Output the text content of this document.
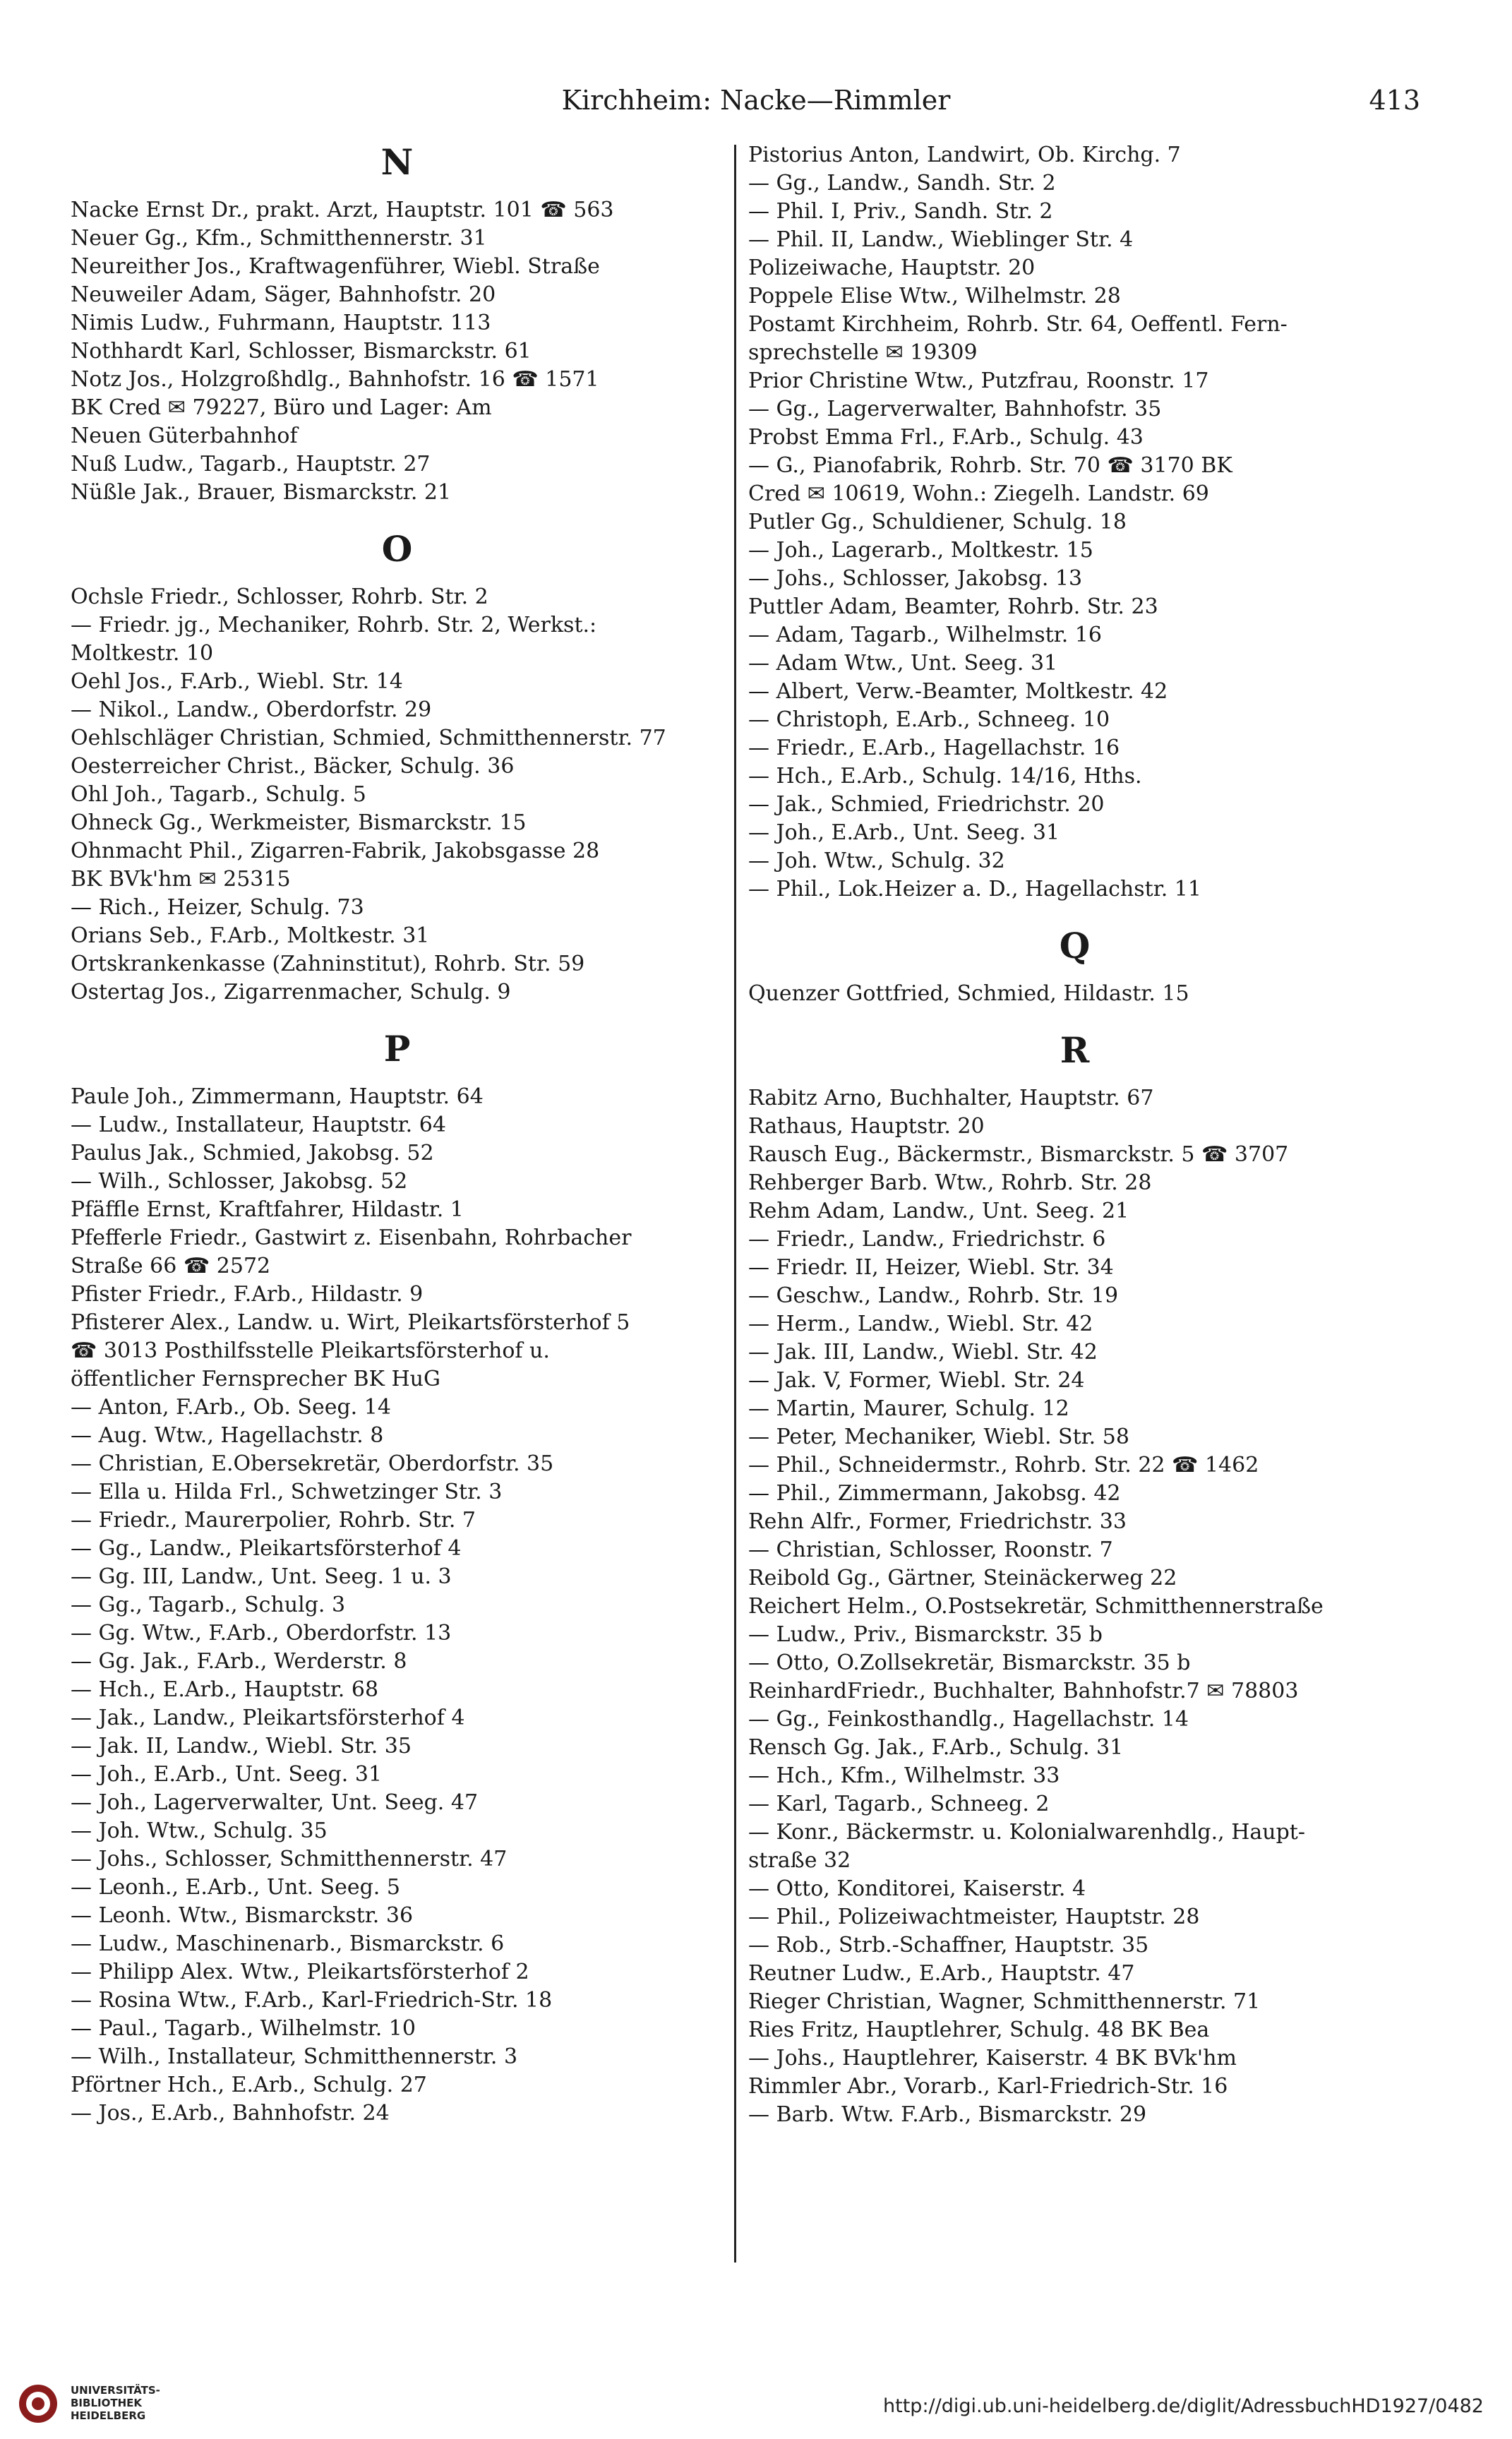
Kirchheim: Nacke—Rimmler	413
N
Nacke Ernst Dr., prakt. Arzt, Hauptstr. 101 ☎ 563
Neuer Gg., Kfm., Schmitthennerstr. 31
Neureither Jos., Kraftwagenführer, Wiebl. Straße
Neuweiler Adam, Säger, Bahnhofstr. 20
Nimis Ludw., Fuhrmann, Hauptstr. 113
Nothhardt Karl, Schlosser, Bismarckstr. 61
Notz Jos., Holzgroßhdlg., Bahnhofstr. 16 ☎ 1571
BK Cred ✉ 79227, Büro und Lager: Am
Neuen Güterbahnhof
Nuß Ludw., Tagarb., Hauptstr. 27
Nüßle Jak., Brauer, Bismarckstr. 21
O
Ochsle Friedr., Schlosser, Rohrb. Str. 2
— Friedr. jg., Mechaniker, Rohrb. Str. 2, Werkst.:
Moltkestr. 10
Oehl Jos., F.Arb., Wiebl. Str. 14
— Nikol., Landw., Oberdorfstr. 29
Oehlschläger Christian, Schmied, Schmitthennerstr. 77
Oesterreicher Christ., Bäcker, Schulg. 36
Ohl Joh., Tagarb., Schulg. 5
Ohneck Gg., Werkmeister, Bismarckstr. 15
Ohnmacht Phil., Zigarren-Fabrik, Jakobsgasse 28
BK BVk'hm ✉ 25315
— Rich., Heizer, Schulg. 73
Orians Seb., F.Arb., Moltkestr. 31
Ortskrankenkasse (Zahninstitut), Rohrb. Str. 59
Ostertag Jos., Zigarrenmacher, Schulg. 9
P
Paule Joh., Zimmermann, Hauptstr. 64
— Ludw., Installateur, Hauptstr. 64
Paulus Jak., Schmied, Jakobsg. 52
— Wilh., Schlosser, Jakobsg. 52
Pfäffle Ernst, Kraftfahrer, Hildastr. 1
Pfefferle Friedr., Gastwirt z. Eisenbahn, Rohrbacher
Straße 66 ☎ 2572
Pfister Friedr., F.Arb., Hildastr. 9
Pfisterer Alex., Landw. u. Wirt, Pleikartsförsterhof 5
☎ 3013 Posthilfsstelle Pleikartsförsterhof u.
öffentlicher Fernsprecher BK HuG
— Anton, F.Arb., Ob. Seeg. 14
— Aug. Wtw., Hagellachstr. 8
— Christian, E.Obersekretär, Oberdorfstr. 35
— Ella u. Hilda Frl., Schwetzinger Str. 3
— Friedr., Maurerpolier, Rohrb. Str. 7
— Gg., Landw., Pleikartsförsterhof 4
— Gg. III, Landw., Unt. Seeg. 1 u. 3
— Gg., Tagarb., Schulg. 3
— Gg. Wtw., F.Arb., Oberdorfstr. 13
— Gg. Jak., F.Arb., Werderstr. 8
— Hch., E.Arb., Hauptstr. 68
— Jak., Landw., Pleikartsförsterhof 4
— Jak. II, Landw., Wiebl. Str. 35
— Joh., E.Arb., Unt. Seeg. 31
— Joh., Lagerverwalter, Unt. Seeg. 47
— Joh. Wtw., Schulg. 35
— Johs., Schlosser, Schmitthennerstr. 47
— Leonh., E.Arb., Unt. Seeg. 5
— Leonh. Wtw., Bismarckstr. 36
— Ludw., Maschinenarb., Bismarckstr. 6
— Philipp Alex. Wtw., Pleikartsförsterhof 2
— Rosina Wtw., F.Arb., Karl-Friedrich-Str. 18
— Paul., Tagarb., Wilhelmstr. 10
— Wilh., Installateur, Schmitthennerstr. 3
Pförtner Hch., E.Arb., Schulg. 27
— Jos., E.Arb., Bahnhofstr. 24
Pistorius Anton, Landwirt, Ob. Kirchg. 7
— Gg., Landw., Sandh. Str. 2
— Phil. I, Priv., Sandh. Str. 2
— Phil. II, Landw., Wieblinger Str. 4
Polizeiwache, Hauptstr. 20
Poppele Elise Wtw., Wilhelmstr. 28
Postamt Kirchheim, Rohrb. Str. 64, Oeffentl. Fern-
sprechstelle ✉ 19309
Prior Christine Wtw., Putzfrau, Roonstr. 17
— Gg., Lagerverwalter, Bahnhofstr. 35
Probst Emma Frl., F.Arb., Schulg. 43
— G., Pianofabrik, Rohrb. Str. 70 ☎ 3170 BK
Cred ✉ 10619, Wohn.: Ziegelh. Landstr. 69
Putler Gg., Schuldiener, Schulg. 18
— Joh., Lagerarb., Moltkestr. 15
— Johs., Schlosser, Jakobsg. 13
Puttler Adam, Beamter, Rohrb. Str. 23
— Adam, Tagarb., Wilhelmstr. 16
— Adam Wtw., Unt. Seeg. 31
— Albert, Verw.-Beamter, Moltkestr. 42
— Christoph, E.Arb., Schneeg. 10
— Friedr., E.Arb., Hagellachstr. 16
— Hch., E.Arb., Schulg. 14/16, Hths.
— Jak., Schmied, Friedrichstr. 20
— Joh., E.Arb., Unt. Seeg. 31
— Joh. Wtw., Schulg. 32
— Phil., Lok.Heizer a. D., Hagellachstr. 11
Q
Quenzer Gottfried, Schmied, Hildastr. 15
R
Rabitz Arno, Buchhalter, Hauptstr. 67
Rathaus, Hauptstr. 20
Rausch Eug., Bäckermstr., Bismarckstr. 5 ☎ 3707
Rehberger Barb. Wtw., Rohrb. Str. 28
Rehm Adam, Landw., Unt. Seeg. 21
— Friedr., Landw., Friedrichstr. 6
— Friedr. II, Heizer, Wiebl. Str. 34
— Geschw., Landw., Rohrb. Str. 19
— Herm., Landw., Wiebl. Str. 42
— Jak. III, Landw., Wiebl. Str. 42
— Jak. V, Former, Wiebl. Str. 24
— Martin, Maurer, Schulg. 12
— Peter, Mechaniker, Wiebl. Str. 58
— Phil., Schneidermstr., Rohrb. Str. 22 ☎ 1462
— Phil., Zimmermann, Jakobsg. 42
Rehn Alfr., Former, Friedrichstr. 33
— Christian, Schlosser, Roonstr. 7
Reibold Gg., Gärtner, Steinäckerweg 22
Reichert Helm., O.Postsekretär, Schmitthennerstraße
— Ludw., Priv., Bismarckstr. 35 b
— Otto, O.Zollsekretär, Bismarckstr. 35 b
ReinhardFriedr., Buchhalter, Bahnhofstr.7 ✉ 78803
— Gg., Feinkosthandlg., Hagellachstr. 14
Rensch Gg. Jak., F.Arb., Schulg. 31
— Hch., Kfm., Wilhelmstr. 33
— Karl, Tagarb., Schneeg. 2
— Konr., Bäckermstr. u. Kolonialwarenhdlg., Haupt-
straße 32
— Otto, Konditorei, Kaiserstr. 4
— Phil., Polizeiwachtmeister, Hauptstr. 28
— Rob., Strb.-Schaffner, Hauptstr. 35
Reutner Ludw., E.Arb., Hauptstr. 47
Rieger Christian, Wagner, Schmitthennerstr. 71
Ries Fritz, Hauptlehrer, Schulg. 48 BK Bea
— Johs., Hauptlehrer, Kaiserstr. 4 BK BVk'hm
Rimmler Abr., Vorarb., Karl-Friedrich-Str. 16
— Barb. Wtw. F.Arb., Bismarckstr. 29
UNIVERSITÄTS-
BIBLIOTHEK
HEIDELBERG	http://digi.ub.uni-heidelberg.de/diglit/AdressbuchHD1927/0482
